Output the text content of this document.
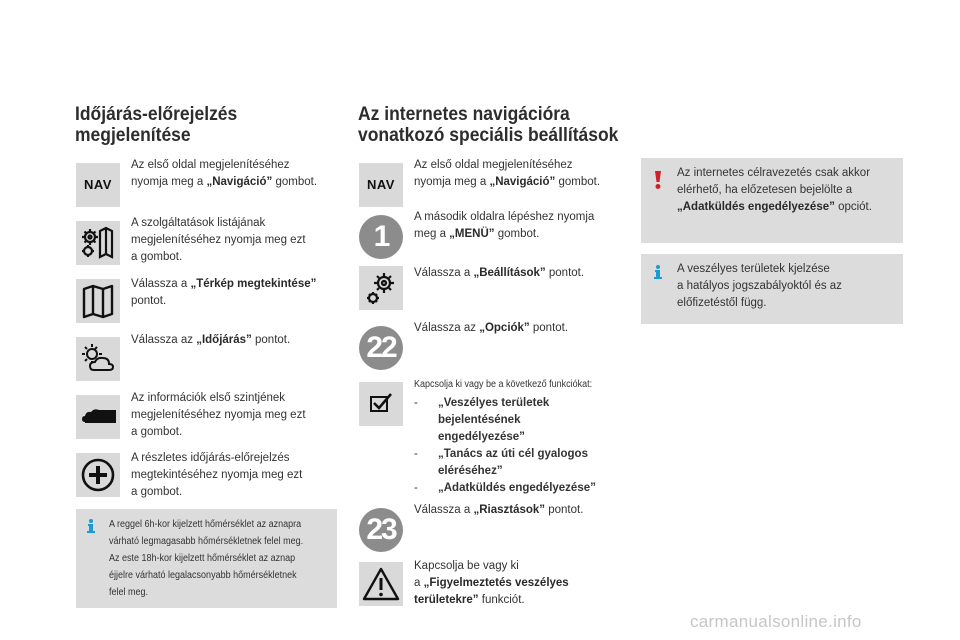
Időjárás-előrejelzés
megjelenítése
NAV
Az első oldal megjelenítéséhez
nyomja meg a „Navigáció” gombot.
A szolgáltatások listájának
megjelenítéséhez nyomja meg ezt
a gombot.
Válassza a „Térkép megtekintése”
pontot.
Válassza az „Időjárás” pontot.
Az információk első szintjének
megjelenítéséhez nyomja meg ezt
a gombot.
A részletes időjárás-előrejelzés
megtekintéséhez nyomja meg ezt
a gombot.
A reggel 6h-kor kijelzett hőmérséklet az aznapra
várható legmagasabb hőmérsékletnek felel meg.
Az este 18h-kor kijelzett hőmérséklet az aznap
éjjelre várható legalacsonyabb hőmérsékletnek
felel meg.
Az internetes navigációra
vonatkozó speciális beállítások
NAV
Az első oldal megjelenítéséhez
nyomja meg a „Navigáció” gombot.
1
A második oldalra lépéshez nyomja
meg a „MENÜ” gombot.
Válassza a „Beállítások” pontot.
22
Válassza az „Opciók” pontot.
Kapcsolja ki vagy be a következő funkciókat:
- „Veszélyes területek
bejelentésének
engedélyezése”
- „Tanács az úti cél gyalogos
eléréséhez”
- „Adatküldés engedélyezése”
23
Válassza a „Riasztások” pontot.
Kapcsolja be vagy ki
a „Figyelmeztetés veszélyes
területekre” funkciót.
Az internetes célravezetés csak akkor
elérhető, ha előzetesen bejelölte a
„Adatküldés engedélyezése” opciót.
A veszélyes területek kjelzése
a hatályos jogszabályoktól és az
előfizetéstől függ.
carmanualsonline.info
